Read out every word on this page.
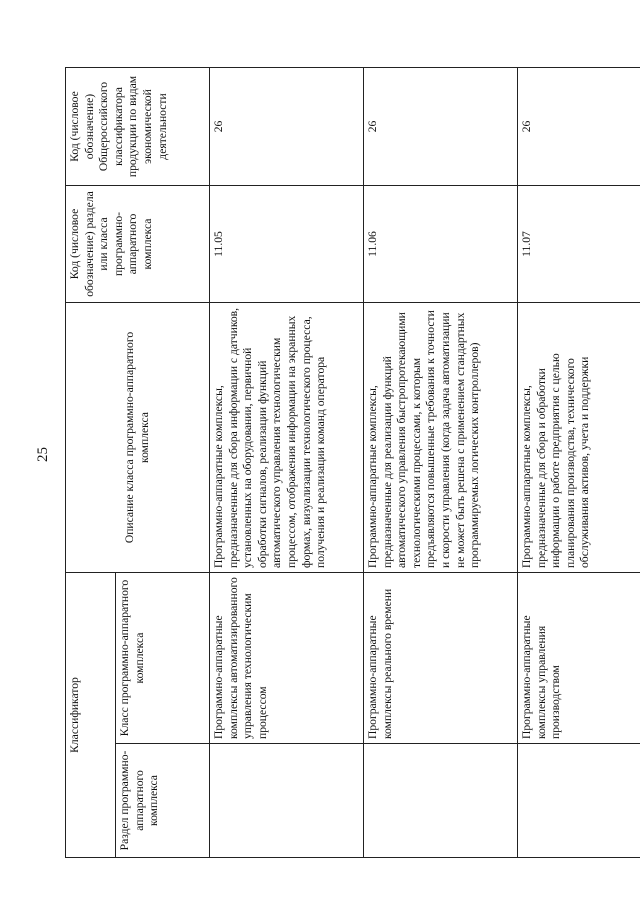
25
Классификатор		Описание класса программно-аппаратного комплекса	Код (числовое обозначение) раздела или класса программно-аппаратного комплекса	Код (числовое обозначение) Общероссийского классификатора продукции по видам экономической деятельности
Раздел программно-аппаратного комплекса	Класс программно-аппаратного комплекса			
	Программно-аппаратные комплексы автоматизированного управления технологическим процессом	Программно-аппаратные комплексы, предназначенные для сбора информации с датчиков, установленных на оборудовании, первичной обработки сигналов, реализации функций автоматического управления технологическим процессом, отображения информации на экранных формах, визуализации технологического процесса, получения и реализации команд оператора	11.05	26
	Программно-аппаратные комплексы реального времени	Программно-аппаратные комплексы, предназначенные для реализации функций автоматического управления быстропротекающими технологическими процессами, к которым предъявляются повышенные требования к точности и скорости управления (когда задача автоматизации не может быть решена с применением стандартных программируемых логических контроллеров)	11.06	26
	Программно-аппаратные комплексы управления производством	Программно-аппаратные комплексы, предназначенные для сбора и обработки информации о работе предприятия с целью планирования производства, технического обслуживания активов, учета и поддержки	11.07	26
